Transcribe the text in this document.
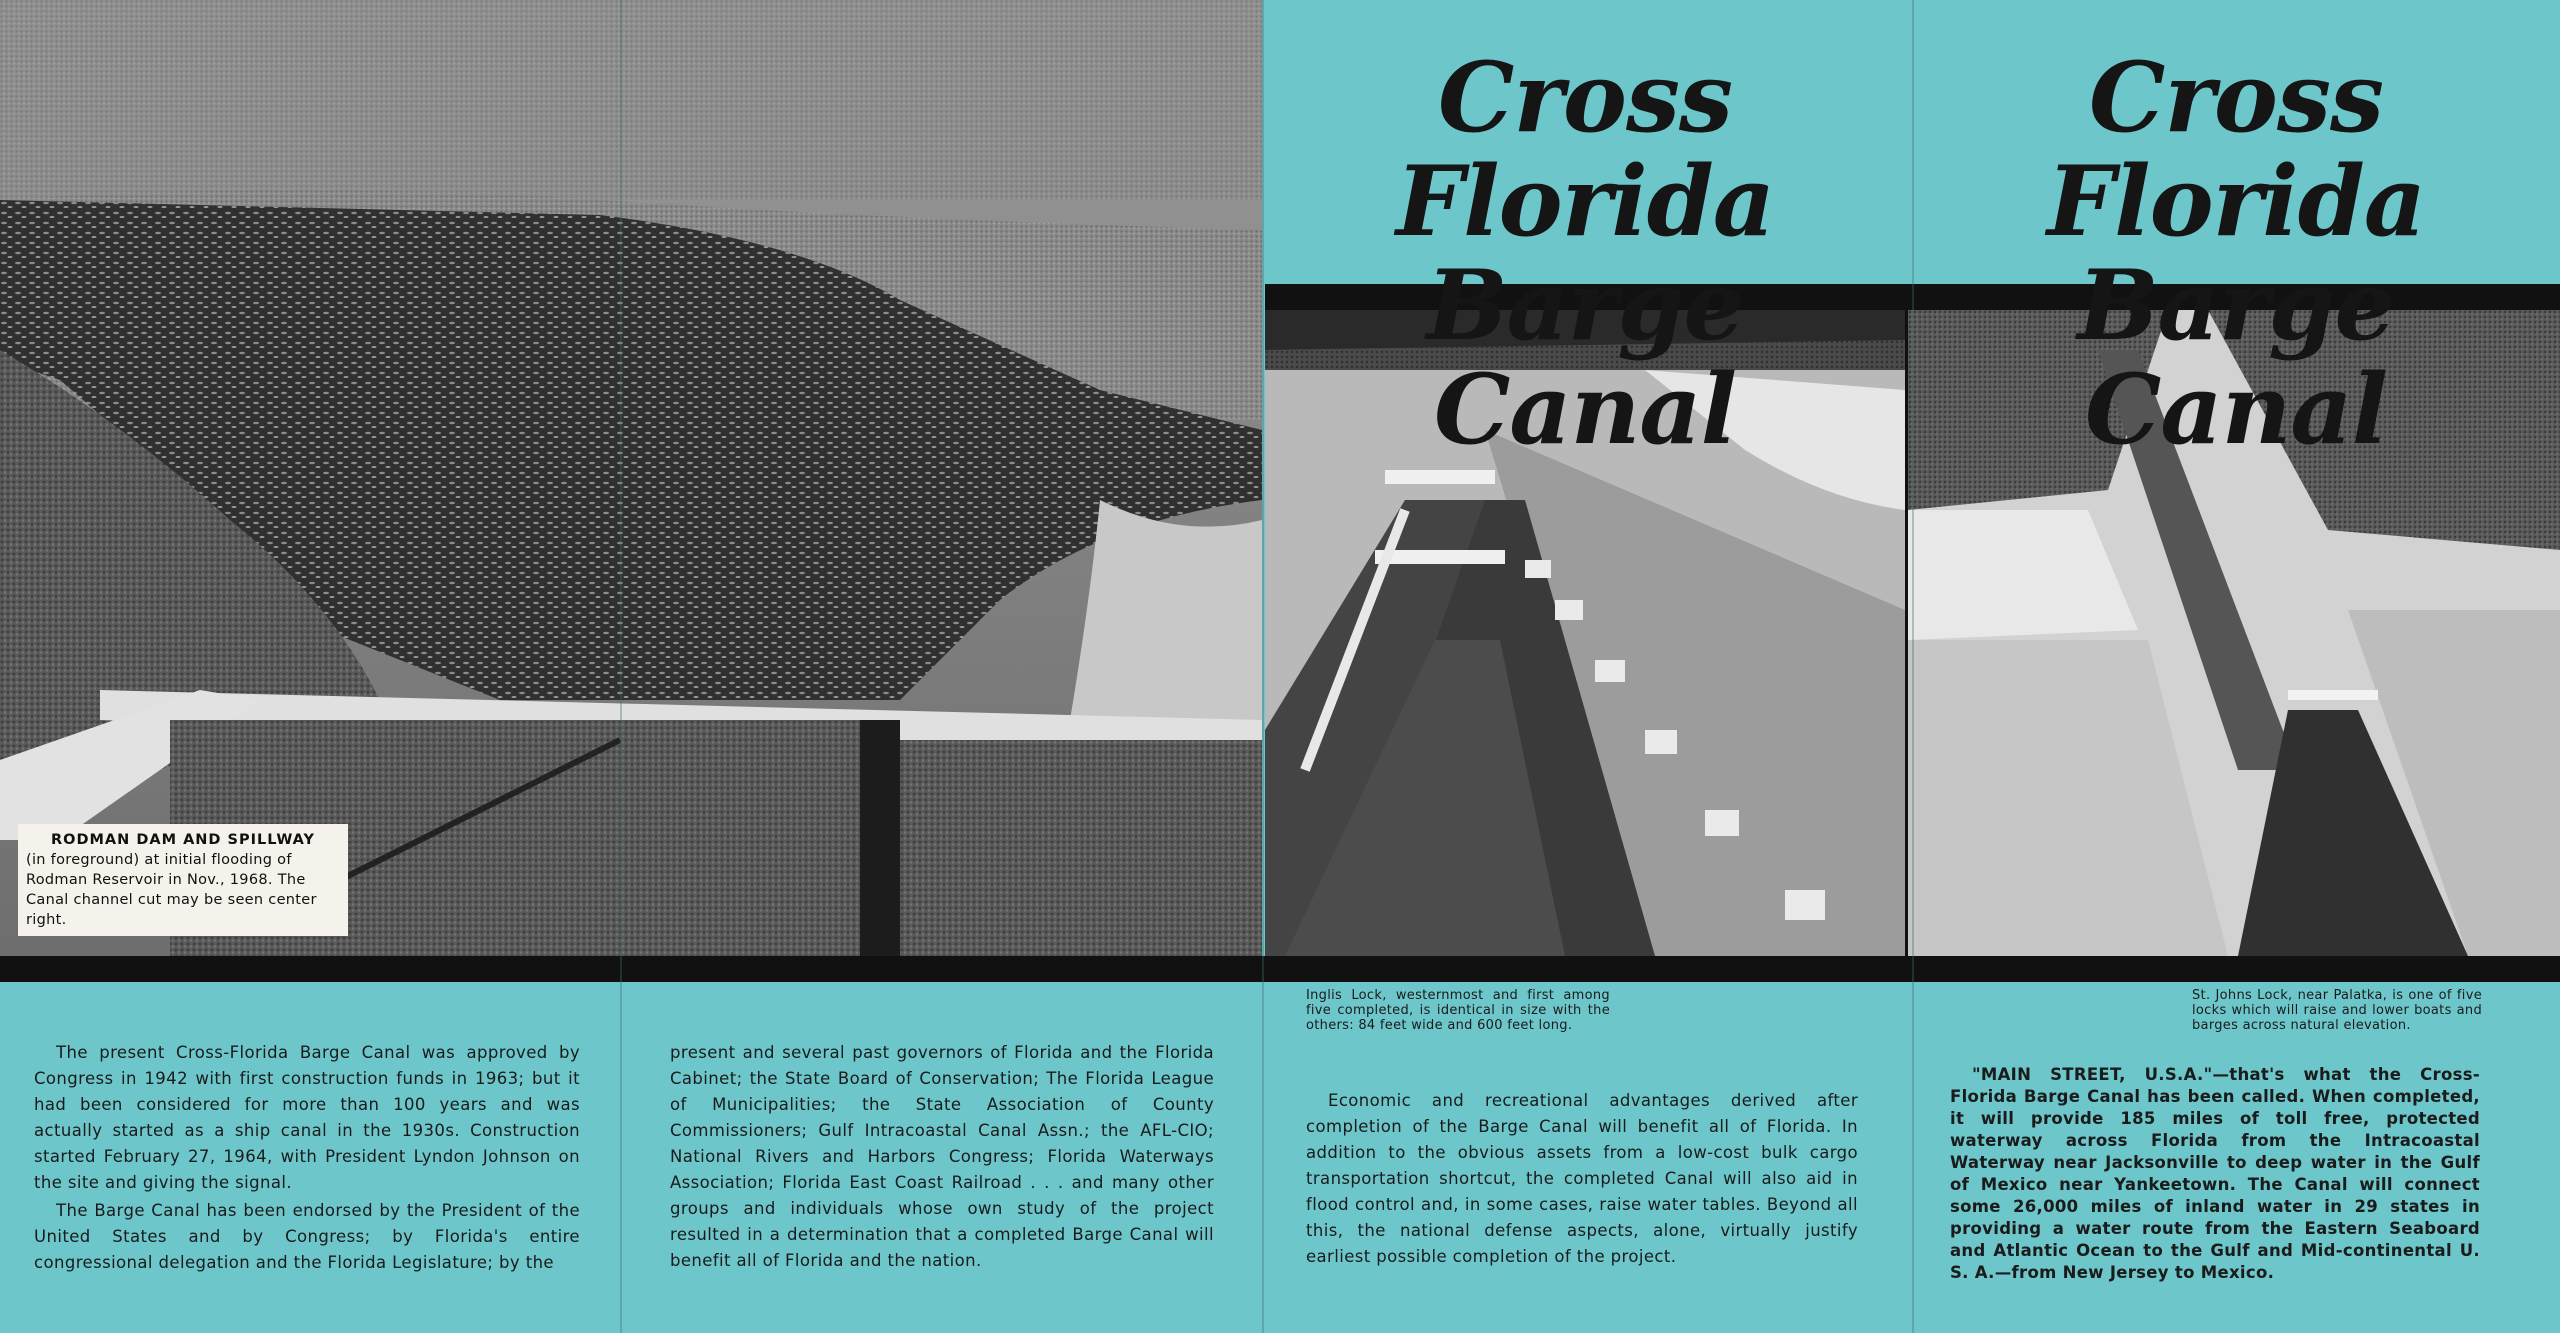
Cross Florida
Barge Canal
Cross Florida
Barge Canal
RODMAN DAM AND SPILLWAY
(in foreground) at initial flooding of Rodman Reservoir in Nov., 1968. The Canal channel cut may be seen center right.
Inglis Lock, westernmost and first among five completed, is identical in size with the others: 84 feet wide and 600 feet long.
St. Johns Lock, near Palatka, is one of five locks which will raise and lower boats and barges across natural elevation.

The present Cross-Florida Barge Canal was approved by Congress in 1942 with first construction funds in 1963; but it had been considered for more than 100 years and was actually started as a ship canal in the 1930s. Construction started February 27, 1964, with President Lyndon Johnson on the site and giving the signal.

The Barge Canal has been endorsed by the President of the United States and by Congress; by Florida's entire congressional delegation and the Florida Legislature; by the

present and several past governors of Florida and the Florida Cabinet; the State Board of Conservation; The Florida League of Municipalities; the State Association of County Commissioners; Gulf Intracoastal Canal Assn.; the AFL-CIO; National Rivers and Harbors Congress; Florida Waterways Association; Florida East Coast Railroad . . . and many other groups and individuals whose own study of the project resulted in a determination that a completed Barge Canal will benefit all of Florida and the nation.

Economic and recreational advantages derived after completion of the Barge Canal will benefit all of Florida. In addition to the obvious assets from a low-cost bulk cargo transportation shortcut, the completed Canal will also aid in flood control and, in some cases, raise water tables. Beyond all this, the national defense aspects, alone, virtually justify earliest possible completion of the project.

"MAIN STREET, U.S.A."—that's what the Cross-Florida Barge Canal has been called. When completed, it will provide 185 miles of toll free, protected waterway across Florida from the Intracoastal Waterway near Jacksonville to deep water in the Gulf of Mexico near Yankeetown. The Canal will connect some 26,000 miles of inland water in 29 states in providing a water route from the Eastern Seaboard and Atlantic Ocean to the Gulf and Mid-continental U. S. A.—from New Jersey to Mexico.
